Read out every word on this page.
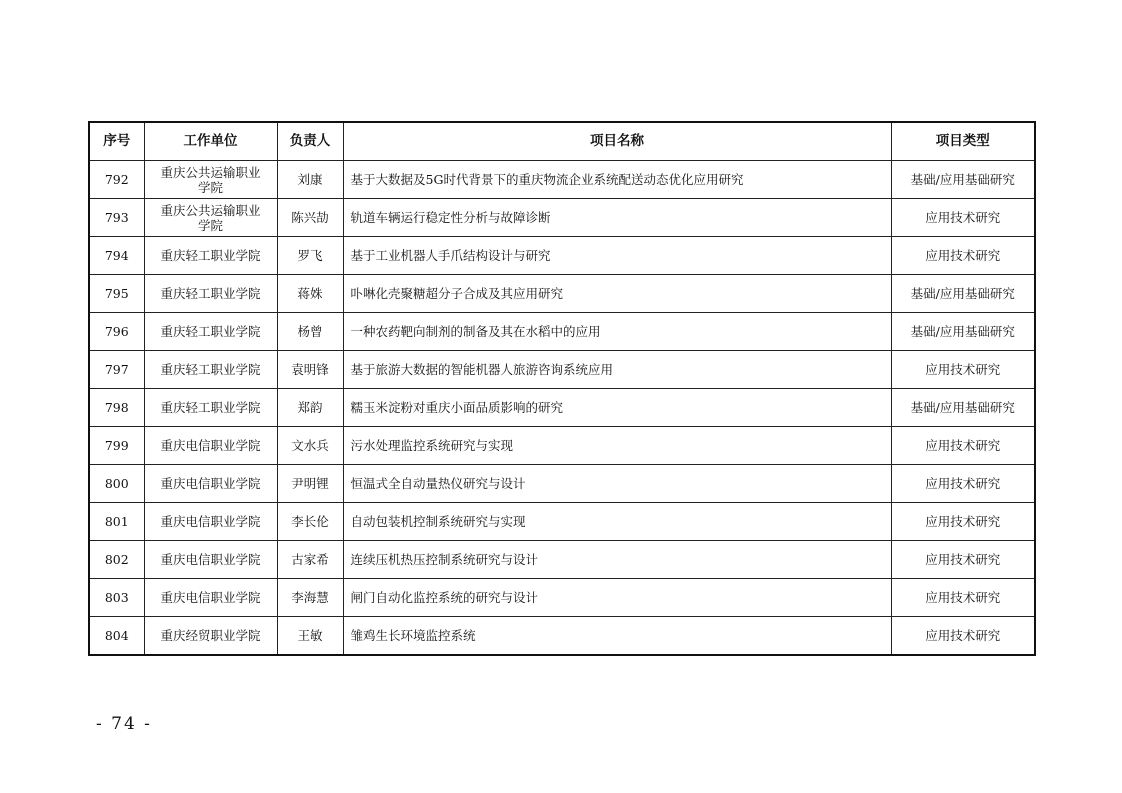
序号	工作单位	负责人	项目名称	项目类型
792	重庆公共运输职业学院	刘康	基于大数据及5G时代背景下的重庆物流企业系统配送动态优化应用研究	基础/应用基础研究
793	重庆公共运输职业学院	陈兴劼	轨道车辆运行稳定性分析与故障诊断	应用技术研究
794	重庆轻工职业学院	罗飞	基于工业机器人手爪结构设计与研究	应用技术研究
795	重庆轻工职业学院	蒋姝	卟啉化壳聚糖超分子合成及其应用研究	基础/应用基础研究
796	重庆轻工职业学院	杨曾	一种农药靶向制剂的制备及其在水稻中的应用	基础/应用基础研究
797	重庆轻工职业学院	袁明锋	基于旅游大数据的智能机器人旅游咨询系统应用	应用技术研究
798	重庆轻工职业学院	郑韵	糯玉米淀粉对重庆小面品质影响的研究	基础/应用基础研究
799	重庆电信职业学院	文水兵	污水处理监控系统研究与实现	应用技术研究
800	重庆电信职业学院	尹明锂	恒温式全自动量热仪研究与设计	应用技术研究
801	重庆电信职业学院	李长伦	自动包装机控制系统研究与实现	应用技术研究
802	重庆电信职业学院	古家希	连续压机热压控制系统研究与设计	应用技术研究
803	重庆电信职业学院	李海慧	闸门自动化监控系统的研究与设计	应用技术研究
804	重庆经贸职业学院	王敏	雏鸡生长环境监控系统	应用技术研究
- 74 -
